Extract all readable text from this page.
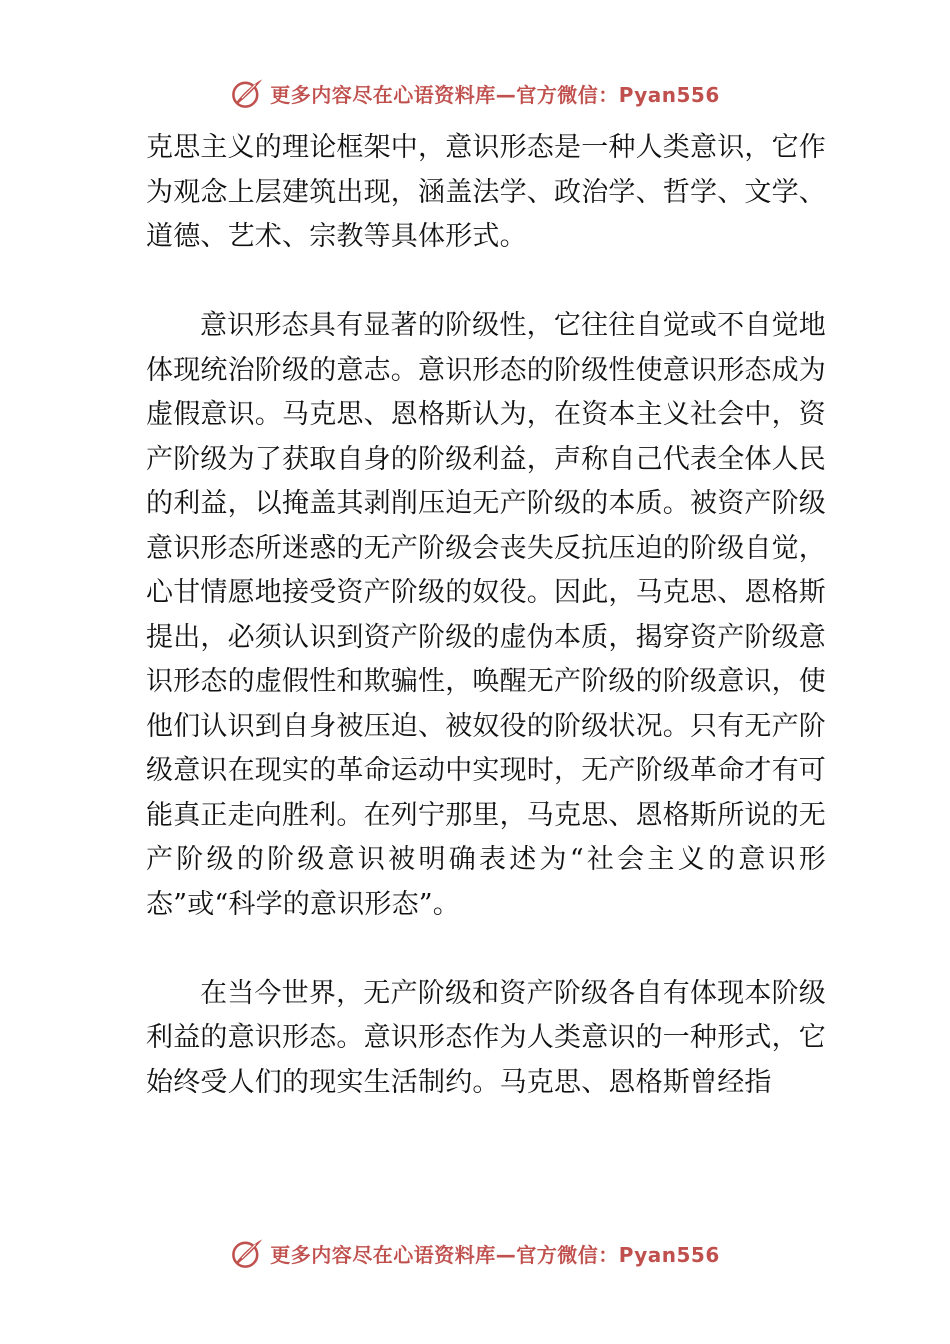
更多内容尽在心语资料库—官方微信：Pyan556

克思主义的理论框架中，意识形态是一种人类意识，它作为观念上层建筑出现，涵盖法学、政治学、哲学、文学、道德、艺术、宗教等具体形式。

意识形态具有显著的阶级性，它往往自觉或不自觉地体现统治阶级的意志。意识形态的阶级性使意识形态成为虚假意识。马克思、恩格斯认为，在资本主义社会中，资产阶级为了获取自身的阶级利益，声称自己代表全体人民的利益，以掩盖其剥削压迫无产阶级的本质。被资产阶级意识形态所迷惑的无产阶级会丧失反抗压迫的阶级自觉，心甘情愿地接受资产阶级的奴役。因此，马克思、恩格斯提出，必须认识到资产阶级的虚伪本质，揭穿资产阶级意识形态的虚假性和欺骗性，唤醒无产阶级的阶级意识，使他们认识到自身被压迫、被奴役的阶级状况。只有无产阶级意识在现实的革命运动中实现时，无产阶级革命才有可能真正走向胜利。在列宁那里，马克思、恩格斯所说的无产阶级的阶级意识被明确表述为“社会主义的意识形态”或“科学的意识形态”。

在当今世界，无产阶级和资产阶级各自有体现本阶级利益的意识形态。意识形态作为人类意识的一种形式，它始终受人们的现实生活制约。马克思、恩格斯曾经指

更多内容尽在心语资料库—官方微信：Pyan556
